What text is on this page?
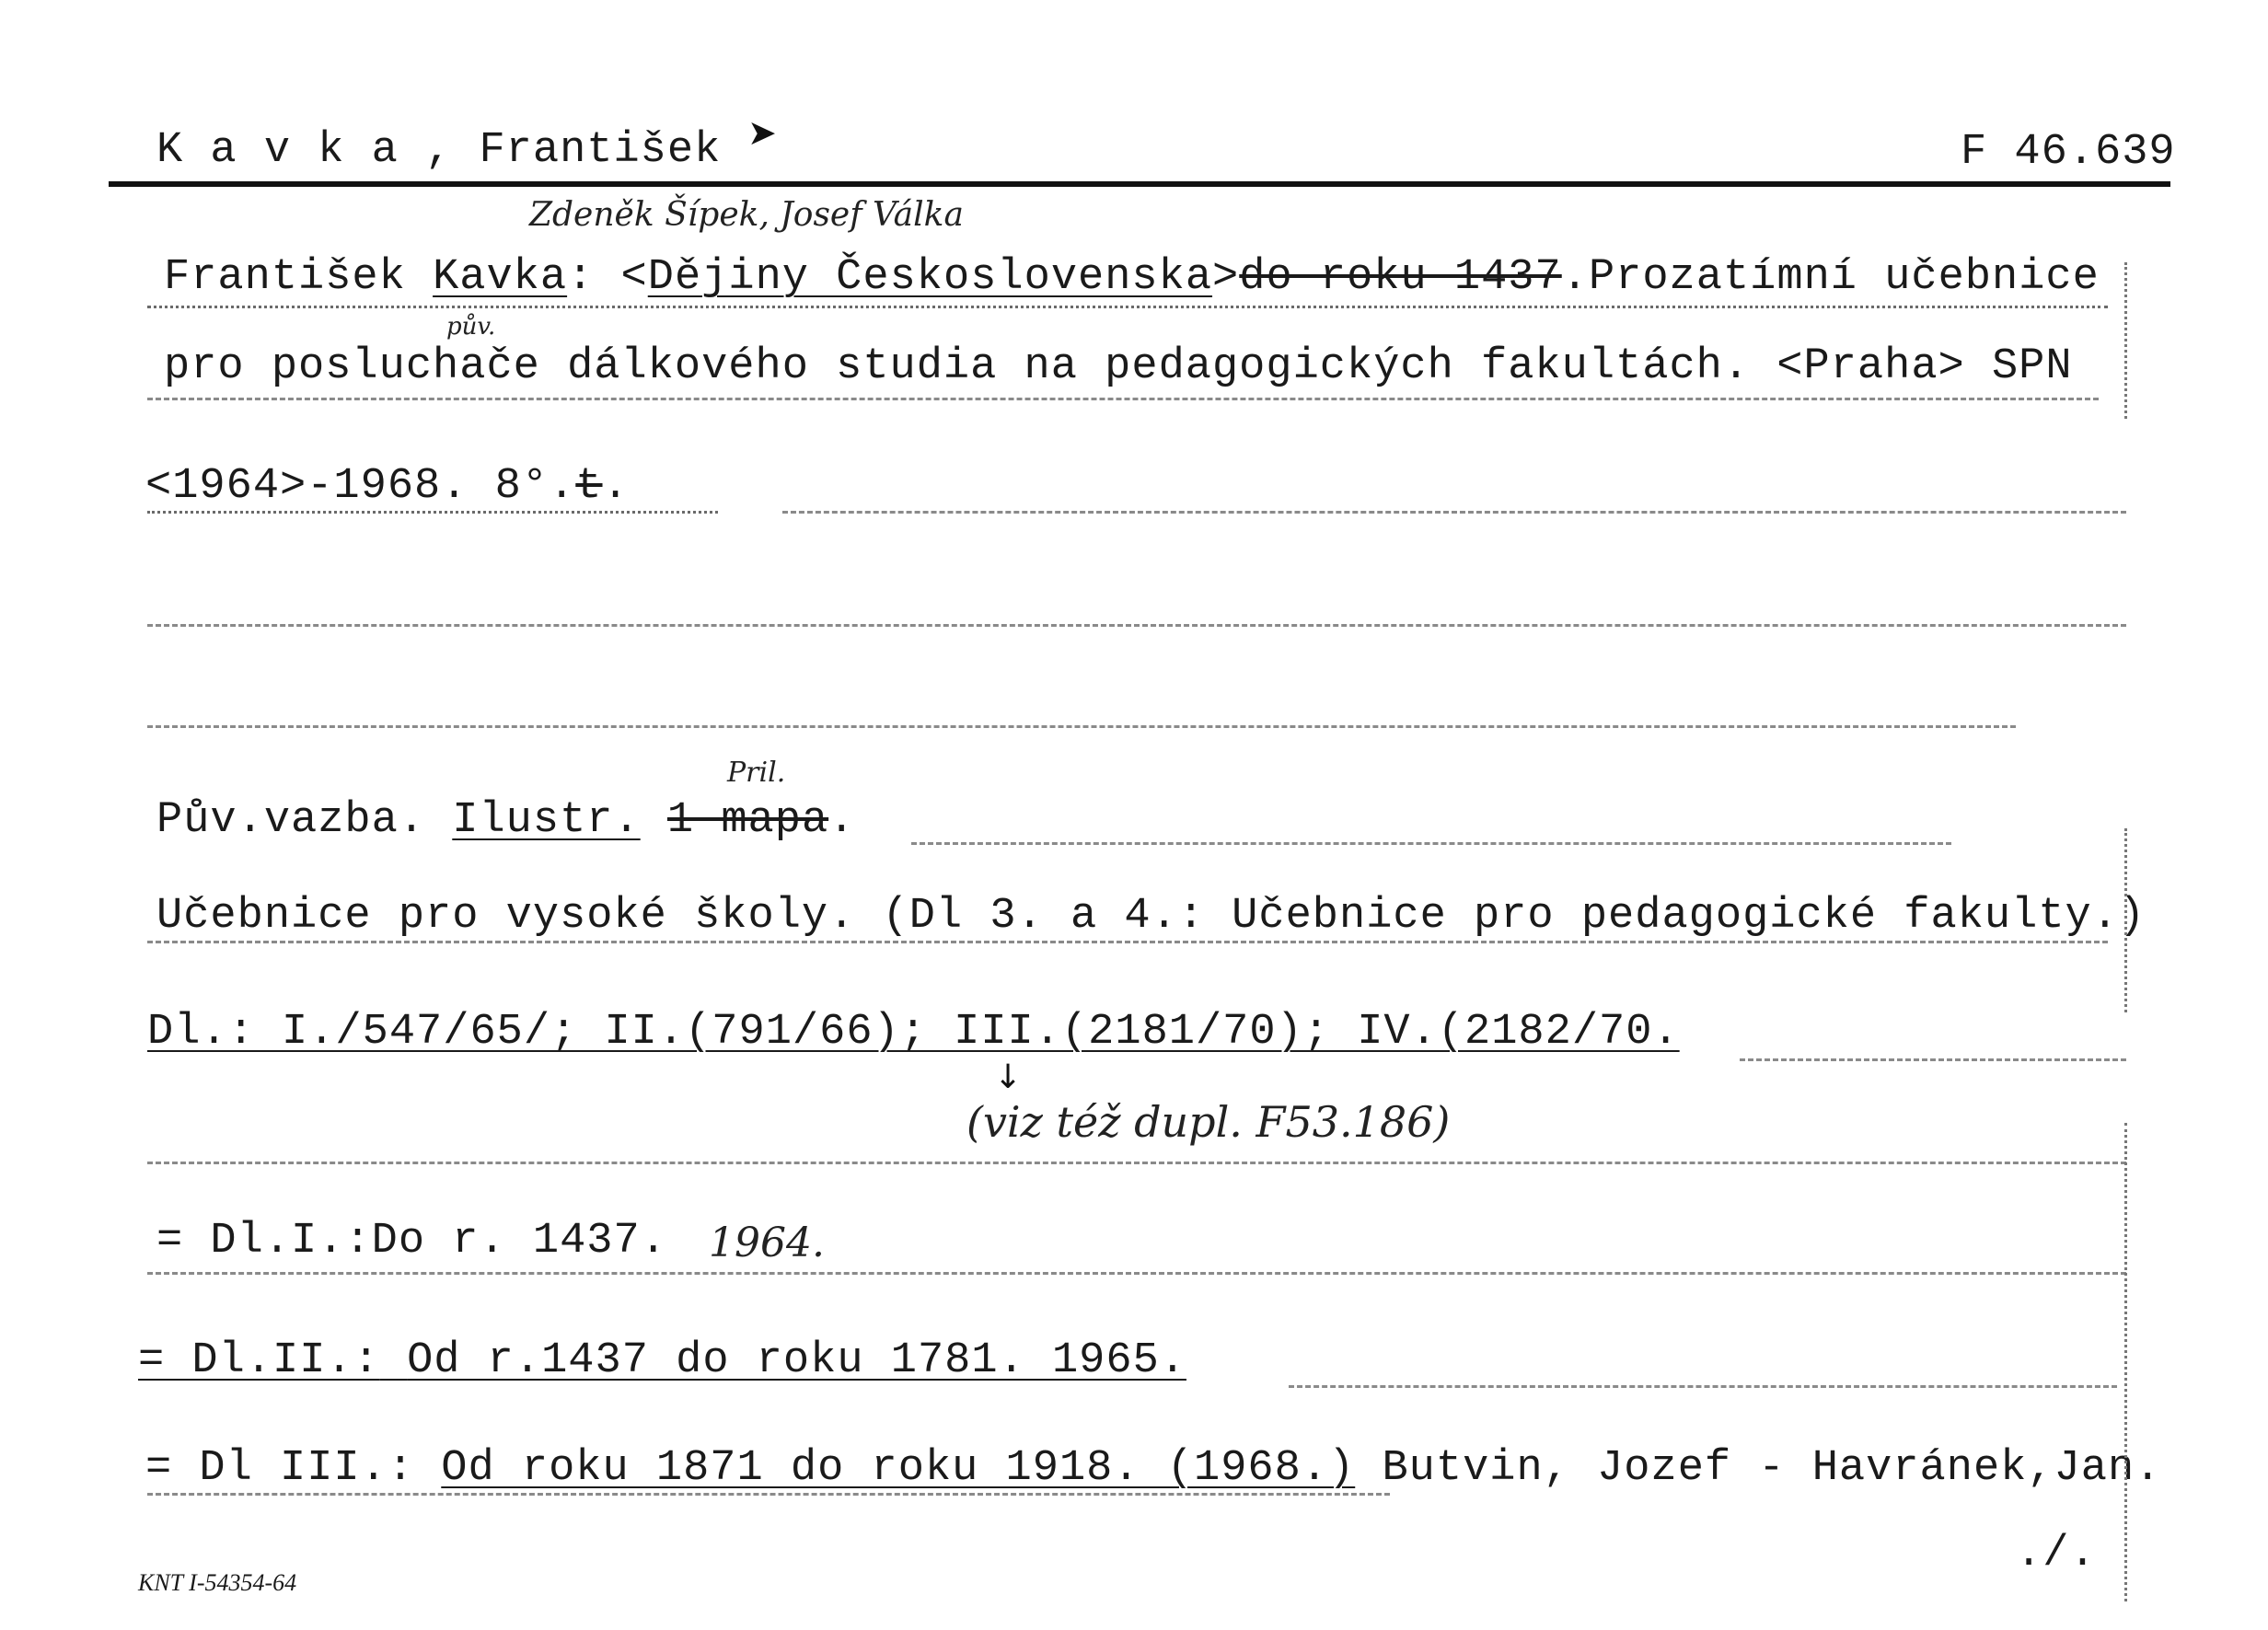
K a v k a , František ➤	F 46.639
Zdeněk Šípek, Josef Válka
František Kavka: <Dějiny Československa>do roku 1437.Prozatímní učebnice
pův.
pro posluchače dálkového studia na pedagogických fakultách. <Praha> SPN
<1964>-1968. 8°.t.
Pril.
Pův.vazba. Ilustr. 1 mapa.
Učebnice pro vysoké školy. (Dl 3. a 4.: Učebnice pro pedagogické fakulty.)
Dl.: I./547/65/; II.(791/66); III.(2181/70); IV.(2182/70.
↓
(viz též dupl. F53.186)
= Dl.I.:Do r. 1437. 1964.
= Dl.II.: Od r.1437 do roku 1781. 1965.
= Dl III.: Od roku 1871 do roku 1918. (1968.) Butvin, Jozef - Havránek,Jan.
./.
KNT I-54354-64
